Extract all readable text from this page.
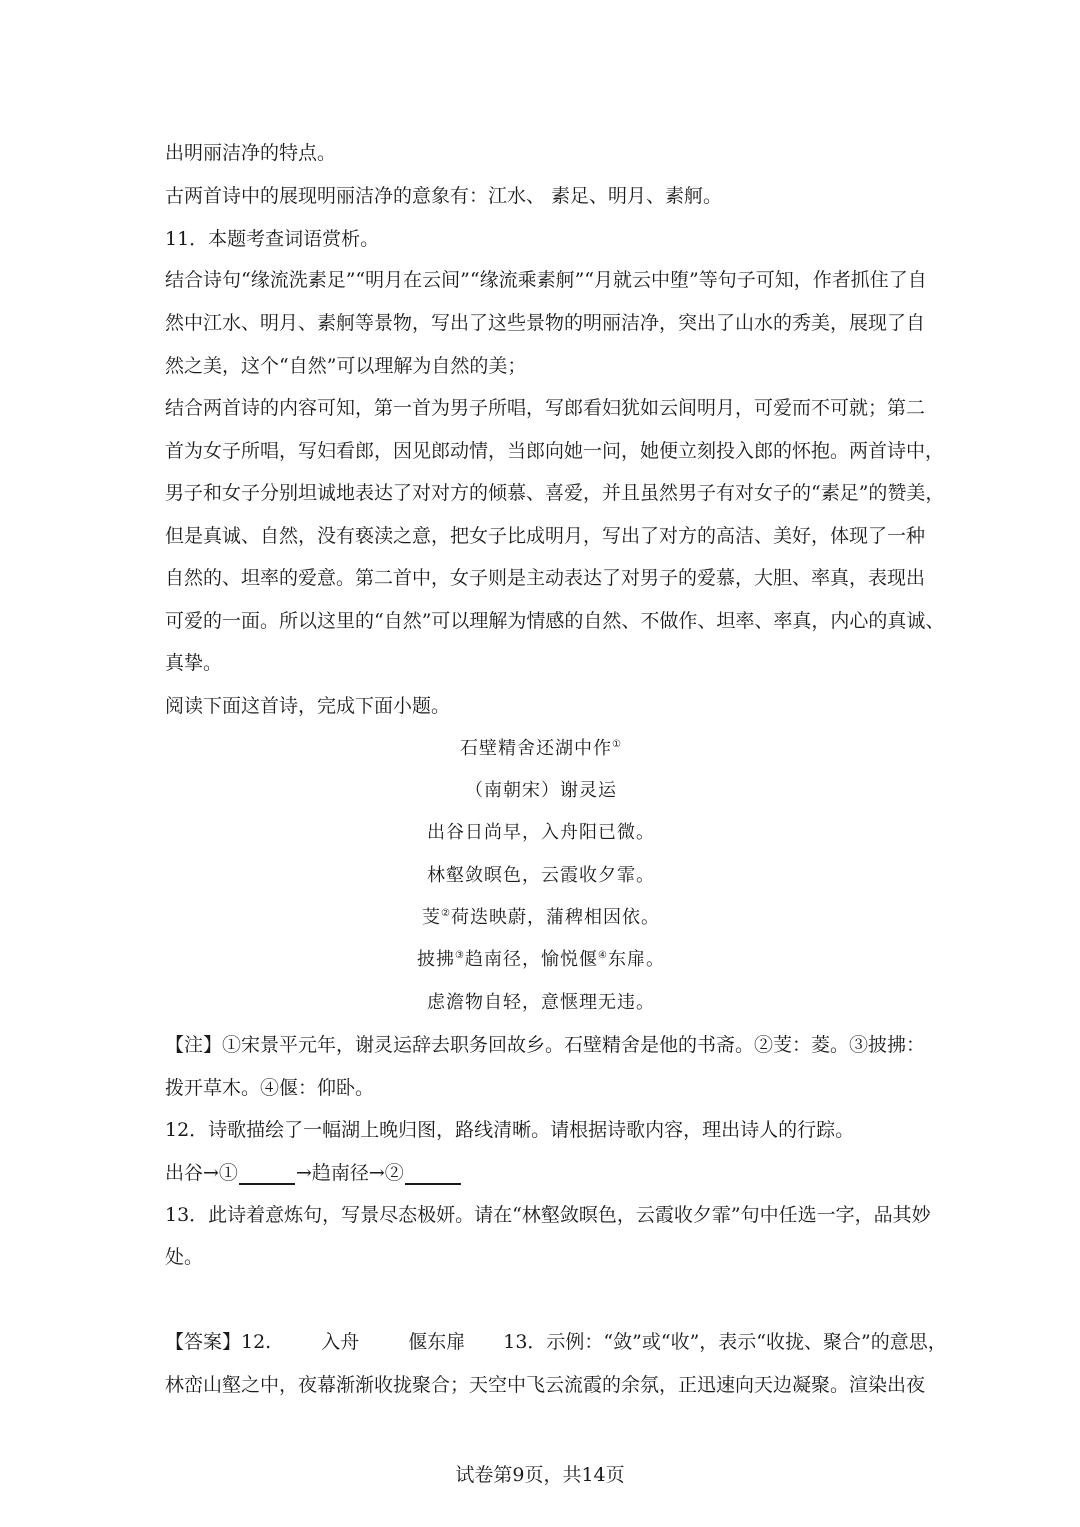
出明丽洁净的特点。
古两首诗中的展现明丽洁净的意象有：江水、 素足、明月、素舸。
11．本题考查词语赏析。
结合诗句“缘流洗素足”“明月在云间”“缘流乘素舸”“月就云中堕”等句子可知，作者抓住了自
然中江水、明月、素舸等景物，写出了这些景物的明丽洁净，突出了山水的秀美，展现了自
然之美，这个“自然”可以理解为自然的美；
结合两首诗的内容可知，第一首为男子所唱，写郎看妇犹如云间明月，可爱而不可就；第二
首为女子所唱，写妇看郎，因见郎动情，当郎向她一问，她便立刻投入郎的怀抱。两首诗中，
男子和女子分别坦诚地表达了对对方的倾慕、喜爱，并且虽然男子有对女子的“素足”的赞美，
但是真诚、自然，没有亵渎之意，把女子比成明月，写出了对方的高洁、美好，体现了一种
自然的、坦率的爱意。第二首中，女子则是主动表达了对男子的爱慕，大胆、率真，表现出
可爱的一面。所以这里的“自然”可以理解为情感的自然、不做作、坦率、率真，内心的真诚、
真挚。
阅读下面这首诗，完成下面小题。
石壁精舍还湖中作①
（南朝宋）谢灵运
出谷日尚早，入舟阳已微。
林壑敛暝色，云霞收夕霏。
芰②荷迭映蔚，蒲稗相因依。
披拂③趋南径，愉悦偃④东扉。
虑澹物自轻，意惬理无违。
【注】①宋景平元年，谢灵运辞去职务回故乡。石壁精舍是他的书斋。②芰：菱。③披拂：
拨开草木。④偃：仰卧。
12．诗歌描绘了一幅湖上晚归图，路线清晰。请根据诗歌内容，理出诗人的行踪。
出谷→①	→趋南径→②
13．此诗着意炼句，写景尽态极妍。请在“林壑敛暝色，云霞收夕霏”句中任选一字，品其妙
处。
【答案】12.	入舟	偃东扉 13．示例：“敛”或“收”，表示“收拢、聚合”的意思，
林峦山壑之中，夜幕渐渐收拢聚合；天空中飞云流霞的余氛，正迅速向天边凝聚。渲染出夜
试卷第9页，共14页
